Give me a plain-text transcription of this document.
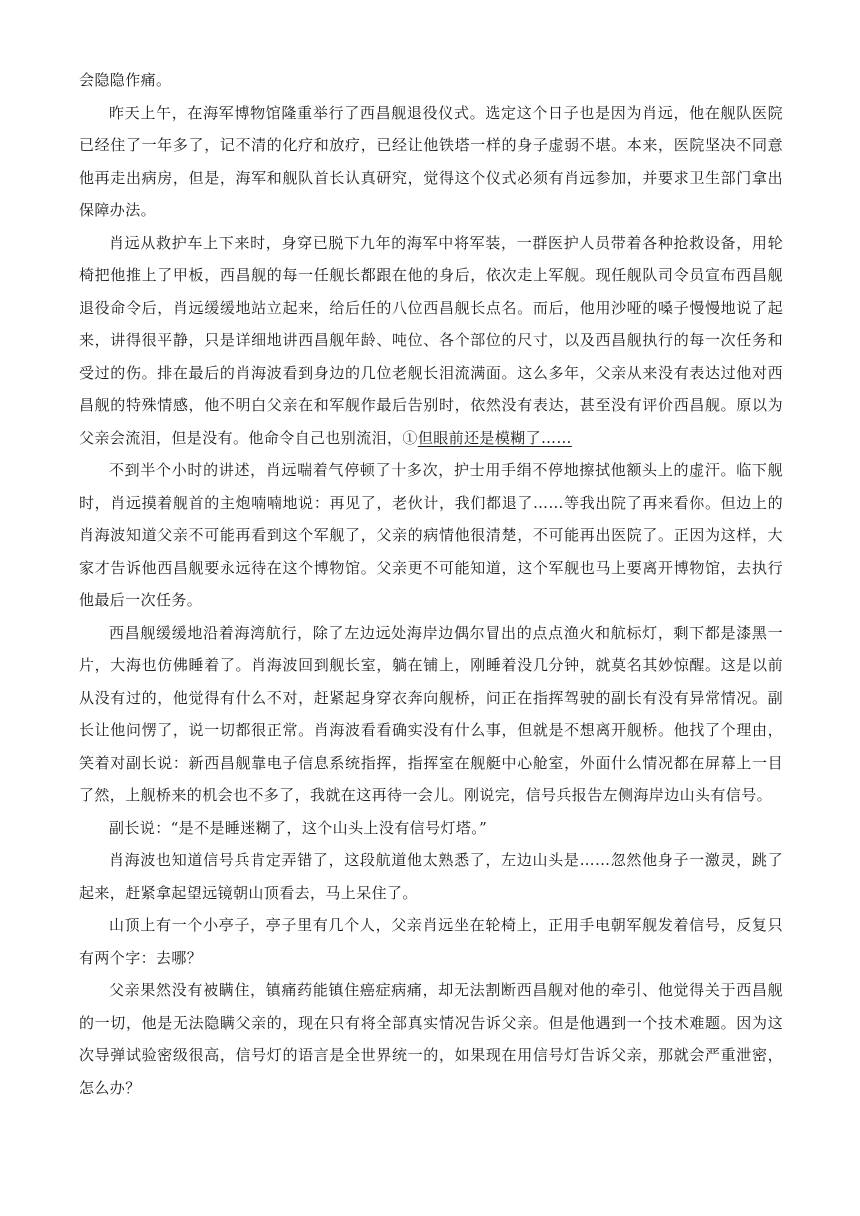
会隐隐作痛。

昨天上午，在海军博物馆隆重举行了西昌舰退役仪式。选定这个日子也是因为肖远，他在舰队医院已经住了一年多了，记不清的化疗和放疗，已经让他铁塔一样的身子虚弱不堪。本来，医院坚决不同意他再走出病房，但是，海军和舰队首长认真研究，觉得这个仪式必须有肖远参加，并要求卫生部门拿出保障办法。

肖远从救护车上下来时，身穿已脱下九年的海军中将军装，一群医护人员带着各种抢救设备，用轮椅把他推上了甲板，西昌舰的每一任舰长都跟在他的身后，依次走上军舰。现任舰队司令员宣布西昌舰退役命令后，肖远缓缓地站立起来，给后任的八位西昌舰长点名。而后，他用沙哑的嗓子慢慢地说了起来，讲得很平静，只是详细地讲西昌舰年龄、吨位、各个部位的尺寸，以及西昌舰执行的每一次任务和受过的伤。排在最后的肖海波看到身边的几位老舰长泪流满面。这么多年，父亲从来没有表达过他对西昌舰的特殊情感，他不明白父亲在和军舰作最后告别时，依然没有表达，甚至没有评价西昌舰。原以为父亲会流泪，但是没有。他命令自己也别流泪，①但眼前还是模糊了……

不到半个小时的讲述，肖远喘着气停顿了十多次，护士用手绢不停地擦拭他额头上的虚汗。临下舰时，肖远摸着舰首的主炮喃喃地说：再见了，老伙计，我们都退了……等我出院了再来看你。但边上的肖海波知道父亲不可能再看到这个军舰了，父亲的病情他很清楚，不可能再出医院了。正因为这样，大家才告诉他西昌舰要永远待在这个博物馆。父亲更不可能知道，这个军舰也马上要离开博物馆，去执行他最后一次任务。

西昌舰缓缓地沿着海湾航行，除了左边远处海岸边偶尔冒出的点点渔火和航标灯，剩下都是漆黑一片，大海也仿佛睡着了。肖海波回到舰长室，躺在铺上，刚睡着没几分钟，就莫名其妙惊醒。这是以前从没有过的，他觉得有什么不对，赶紧起身穿衣奔向舰桥，问正在指挥驾驶的副长有没有异常情况。副长让他问愣了，说一切都很正常。肖海波看看确实没有什么事，但就是不想离开舰桥。他找了个理由，笑着对副长说：新西昌舰靠电子信息系统指挥，指挥室在舰艇中心舱室，外面什么情况都在屏幕上一目了然，上舰桥来的机会也不多了，我就在这再待一会儿。刚说完，信号兵报告左侧海岸边山头有信号。

副长说：“是不是睡迷糊了，这个山头上没有信号灯塔。”

肖海波也知道信号兵肯定弄错了，这段航道他太熟悉了，左边山头是……忽然他身子一激灵，跳了起来，赶紧拿起望远镜朝山顶看去，马上呆住了。

山顶上有一个小亭子，亭子里有几个人，父亲肖远坐在轮椅上，正用手电朝军舰发着信号，反复只有两个字：去哪？

父亲果然没有被瞒住，镇痛药能镇住癌症病痛，却无法割断西昌舰对他的牵引、他觉得关于西昌舰的一切，他是无法隐瞒父亲的，现在只有将全部真实情况告诉父亲。但是他遇到一个技术难题。因为这次导弹试验密级很高，信号灯的语言是全世界统一的，如果现在用信号灯告诉父亲，那就会严重泄密，怎么办？
